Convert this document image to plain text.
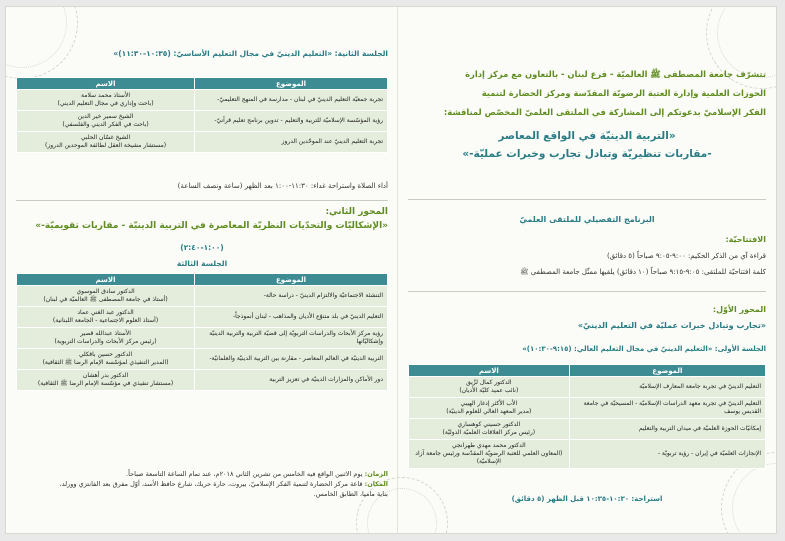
الجلسة الثانية: «التعليم الدينيّ في مجال التعليم الأساسيّ: (١٠:٣٥-١١:٣٠)»
الموضوع	الاسم
تجربة جمعيّة التعليم الدينيّ في لبنان - مدارسة في المنهج التعليميّ-	الأستاذ محمد سلامة
(باحث وإداري في مجال التعليم الديني)

رؤية المؤسّسة الإسلاميّة للتربية والتعليم - تدوين برنامج تعليم قرآنيّ-	الشيخ سمير خير الدين
(باحث في الفكر الديني والفلسفي)

تجربة التعليم الدينيّ عند الموحّدين الدروز	الشيخ غسّان الحلبي
(مستشار مشيخة العقل لطائفة الموحدين الدروز)
أداء الصلاة واستراحة غداء: ١١:٣٠-١:٠٠ بعد الظهر (ساعة ونصف الساعة)
المحور الثاني:
«الإشكاليّات والتحدّيات النظريّة المعاصرة في التربية الدينيّة - مقاربات تقويميّة-»
(١:٠٠-٢:٤٠)
الجلسة الثالثة
الموضوع	الاسم
التنشئة الاجتماعيّة والالتزام الدينيّ - دراسة حالة-	الدكتور سادق الموسوي
(أستاذ في جامعة المصطفى ﷺ العالميّة في لبنان)

التعليم الدينيّ في بلد متنوّع الأديان والمذاهب - لبنان أنموذجاً-	الدكتور عبد الغني عماد
(أستاذ العلوم الاجتماعية - الجامعة اللبنانية)

رؤية مركز الأبحاث والدراسات التربويّة إلى قضيّة التربية والتربية الدينيّة وإشكاليّاتها	الأستاذ عبدالله قصير
(رئيس مركز الأبحاث والدراسات التربوية)

التربية الدينيّة في العالم المعاصر - مقارنة بين التربية الدينيّة والعلمانيّة-	الدكتور حسين باقكلي
(المدير التنفيذي لمؤسّسة الإمام الرضا ﷺ الثقافية)

دور الأماكن والمزارات الدينيّة في تعزيز التربية	الدكتور بدر أهشان
(مستشار تنفيذي في مؤسّسة الإمام الرضا ﷺ الثقافية)
الزمان: يوم الاثنين الواقع فيه الخامس من تشرين الثاني ٢٠١٨م، عند تمام الساعة التاسعة صباحاً.
المكان: قاعة مركز الحضارة لتنمية الفكر الإسلاميّ، بيروت، حارة حريك، شارع حافظ الأسد، أوّل مفرق بعد الفانتزي وورلد،
بناية ماميا، الطابق الخامس.
تتشرّف جامعة المصطفى ﷺ العالميّة - فرع لبنان - بالتعاون مع مركز إدارة
الحوزات العلمية وإدارة العتبة الرضويّة المقدّسة ومركز الحضارة لتنمية
الفكر الإسلاميّ بدعوتكم إلى المشاركة في الملتقى العلميّ المخصّص لمناقشة:
«التربية الدينيّة في الواقع المعاصر
-مقاربات تنظيريّة وتبادل تجارب وخبرات عمليّة-»
البرنامج التفصيلي للملتقى العلميّ
الافتتاحيّة:
قراءة آي من الذكر الحكيم: ٩:٠٠-٩:٠٥ صباحاً (٥ دقائق)
كلمة افتتاحيّة للملتقى: ٩:٠٥-٩:١٥ صباحاً (١٠ دقائق) يلقيها ممثّل جامعة المصطفى ﷺ
المحور الأوّل:
«تجارب وتبادل خبرات عمليّة في التعليم الدينيّ»
الجلسة الأولى: «التعليم الدينيّ في مجال التعليم العالي: (٩:١٥-١٠:٣٠)»
الموضوع	الاسم
التعليم الدينيّ في تجربة جامعة المعارف الإسلاميّة	الدكتور كمال لزّيق
(نائب عميد كليّة الأديان)

التعليم الدينيّ في تجربة معهد الدراسات الإسلاميّة - المسيحيّة في جامعة القديس يوسف	الأب الأكثر إدغار الهيبي
(مدير المعهد العالي للعلوم الدينيّة)

إمكانيّات الحوزة العلميّة في ميدان التربية والتعليم	الدكتور حسيني كوهساري
(رئيس مركز العلاقات العلميّة الدوليّة)

الإنجازات العلميّة في إيران - رؤية تربويّة -	الدكتور محمد مهدي طهرانجي
(المعاون العلمي للعتبة الرضويّة المقدّسة ورئيس جامعة آزاد الإسلاميّة)
استراحة: ١٠:٣٠-١٠:٣٥ قبل الظهر (٥ دقائق)
